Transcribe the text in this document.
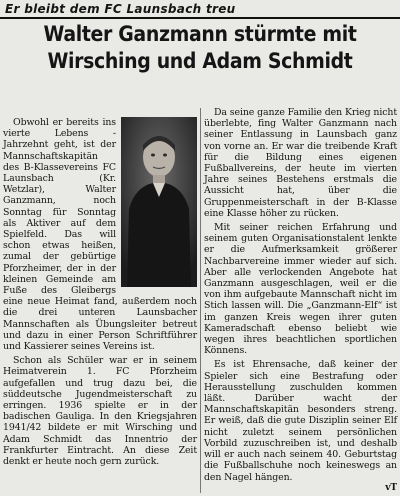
Er bleibt dem FC Launsbach treu
Walter Ganzmann stürmte mit
Wirsching und Adam Schmidt

Obwohl er bereits ins vierte Lebens - Jahrzehnt geht, ist der Mannschaftskapitän des B-Klassevereins FC Launsbach (Kr. Wetzlar), Walter Ganzmann, noch Sonntag für Sonntag als Aktiver auf dem Spielfeld. Das will schon etwas heißen, zumal der gebürtige Pforzheimer, der in der kleinen Gemeinde am Fuße des Gleibergs eine neue Heimat fand, außerdem noch die drei unteren Launsbacher Mannschaften als Übungsleiter betreut und dazu in einer Person Schriftführer und Kassierer seines Vereins ist.

Schon als Schüler war er in seinem Heimatverein 1. FC Pforzheim aufgefallen und trug dazu bei, die süddeutsche Jugendmeisterschaft zu erringen. 1936 spielte er in der badischen Gauliga. In den Kriegsjahren 1941/42 bildete er mit Wirsching und Adam Schmidt das Innentrio der Frankfurter Eintracht. An diese Zeit denkt er heute noch gern zurück.

Da seine ganze Familie den Krieg nicht überlebte, fing Walter Ganzmann nach seiner Entlassung in Launsbach ganz von vorne an. Er war die treibende Kraft für die Bildung eines eigenen Fußballvereins, der heute im vierten Jahre seines Bestehens erstmals die Aussicht hat, über die Gruppenmeisterschaft in der B-Klasse eine Klasse höher zu rücken.

Mit seiner reichen Erfahrung und seinem guten Organisationstalent lenkte er die Aufmerksamkeit größerer Nachbarvereine immer wieder auf sich. Aber alle verlockenden Angebote hat Ganzmann ausgeschlagen, weil er die von ihm aufgebaute Mannschaft nicht im Stich lassen will. Die „Ganzmann-Elf“ ist im ganzen Kreis wegen ihrer guten Kameradschaft ebenso beliebt wie wegen ihres beachtlichen sportlichen Könnens.

Es ist Ehrensache, daß keiner der Spieler sich eine Bestrafung oder Herausstellung zuschulden kommen läßt. Darüber wacht der Mannschaftskapitän besonders streng. Er weiß, daß die gute Disziplin seiner Elf nicht zuletzt seinem persönlichen Vorbild zuzuschreiben ist, und deshalb will er auch nach seinem 40. Geburtstag die Fußballschuhe noch keineswegs an den Nagel hängen.

vT
